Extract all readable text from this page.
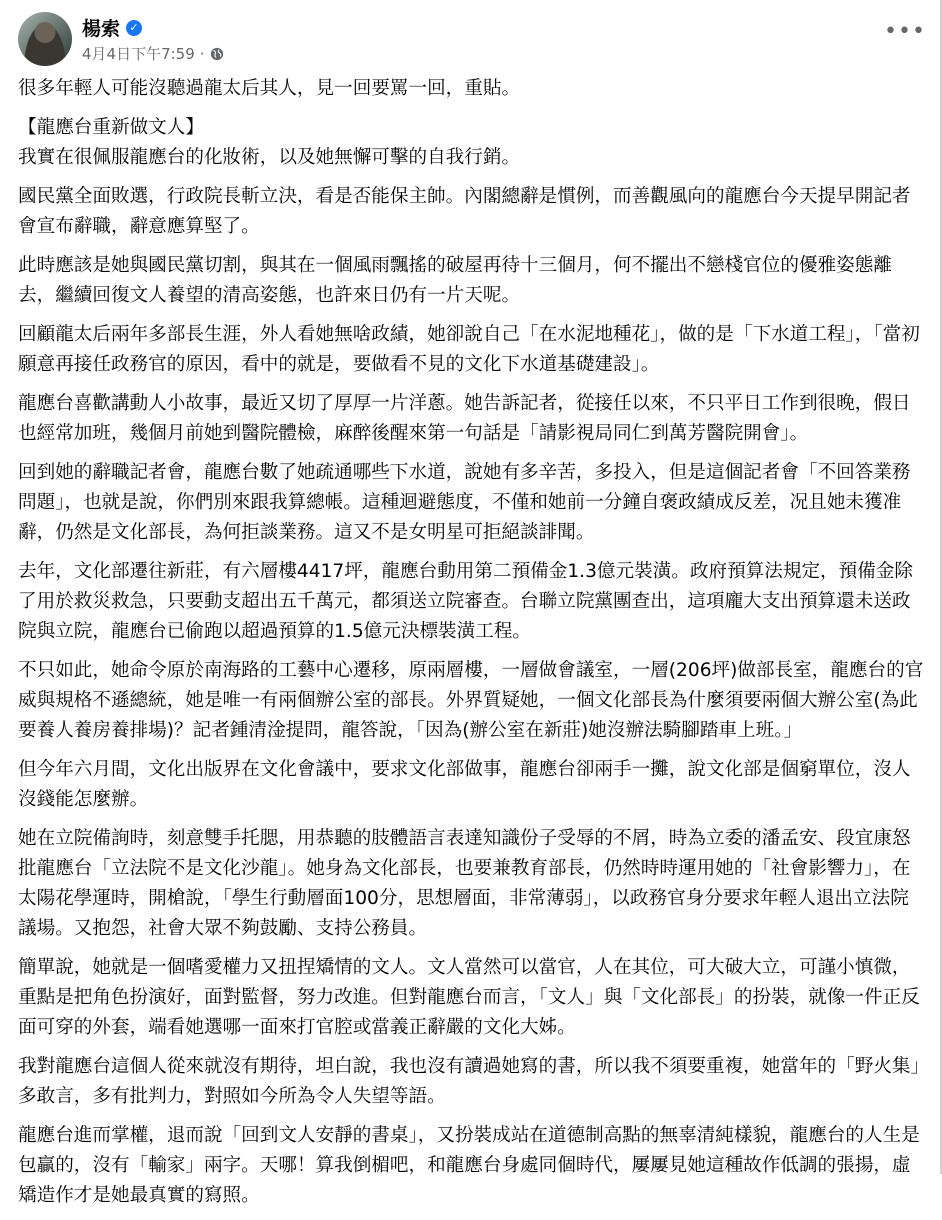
楊索 ✓
4月4日下午7:59 ·
•••

很多年輕人可能沒聽過龍太后其人，見一回要罵一回，重貼。

【龍應台重新做文人】
我實在很佩服龍應台的化妝術，以及她無懈可擊的自我行銷。

國民黨全面敗選，行政院長斬立決，看是否能保主帥。內閣總辭是慣例，而善觀風向的龍應台今天提早開記者會宣布辭職，辭意應算堅了。

此時應該是她與國民黨切割，與其在一個風雨飄搖的破屋再待十三個月，何不擺出不戀棧官位的優雅姿態離去，繼續回復文人養望的清高姿態，也許來日仍有一片天呢。

回顧龍太后兩年多部長生涯，外人看她無啥政績，她卻說自己「在水泥地種花」，做的是「下水道工程」，「當初願意再接任政務官的原因，看中的就是，要做看不見的文化下水道基礎建設」。

龍應台喜歡講動人小故事，最近又切了厚厚一片洋蔥。她告訴記者，從接任以來，不只平日工作到很晚，假日也經常加班，幾個月前她到醫院體檢，麻醉後醒來第一句話是「請影視局同仁到萬芳醫院開會」。

回到她的辭職記者會，龍應台數了她疏通哪些下水道，說她有多辛苦，多投入，但是這個記者會「不回答業務問題」，也就是說，你們別來跟我算總帳。這種迴避態度，不僅和她前一分鐘自褒政績成反差，况且她未獲准辭，仍然是文化部長，為何拒談業務。這又不是女明星可拒絕談誹聞。

去年，文化部遷往新莊，有六層樓4417坪，龍應台動用第二預備金1.3億元裝潢。政府預算法規定，預備金除了用於救災救急，只要動支超出五千萬元，都須送立院審查。台聯立院黨團查出，這項龐大支出預算還未送政院與立院，龍應台已偷跑以超過預算的1.5億元決標裝潢工程。

不只如此，她命令原於南海路的工藝中心遷移，原兩層樓，一層做會議室，一層(206坪)做部長室，龍應台的官威與規格不遜總統，她是唯一有兩個辦公室的部長。外界質疑她，一個文化部長為什麼須要兩個大辦公室(為此要養人養房養排場)？記者鍾清淦提問，龍答說，「因為(辦公室在新莊)她沒辦法騎腳踏車上班。」

但今年六月間，文化出版界在文化會議中，要求文化部做事，龍應台卻兩手一攤，說文化部是個窮單位，沒人沒錢能怎麼辦。

她在立院備詢時，刻意雙手托腮，用恭聽的肢體語言表達知識份子受辱的不屑，時為立委的潘孟安、段宜康怒批龍應台「立法院不是文化沙龍」。她身為文化部長，也要兼教育部長，仍然時時運用她的「社會影響力」，在太陽花學運時，開槍說，「學生行動層面100分，思想層面，非常薄弱」，以政務官身分要求年輕人退出立法院議場。又抱怨，社會大眾不夠鼓勵、支持公務員。

簡單說，她就是一個嗜愛權力又扭捏矯情的文人。文人當然可以當官，人在其位，可大破大立，可謹小慎微，重點是把角色扮演好，面對監督，努力改進。但對龍應台而言，「文人」與「文化部長」的扮裝，就像一件正反面可穿的外套，端看她選哪一面來打官腔或當義正辭嚴的文化大姊。

我對龍應台這個人從來就沒有期待，坦白說，我也沒有讀過她寫的書，所以我不須要重複，她當年的「野火集」多敢言，多有批判力，對照如今所為令人失望等語。

龍應台進而掌權，退而說「回到文人安靜的書桌」，又扮裝成站在道德制高點的無辜清純樣貌，龍應台的人生是包贏的，沒有「輸家」兩字。天哪！算我倒楣吧，和龍應台身處同個時代，屢屢見她這種故作低調的張揚，虛矯造作才是她最真實的寫照。
